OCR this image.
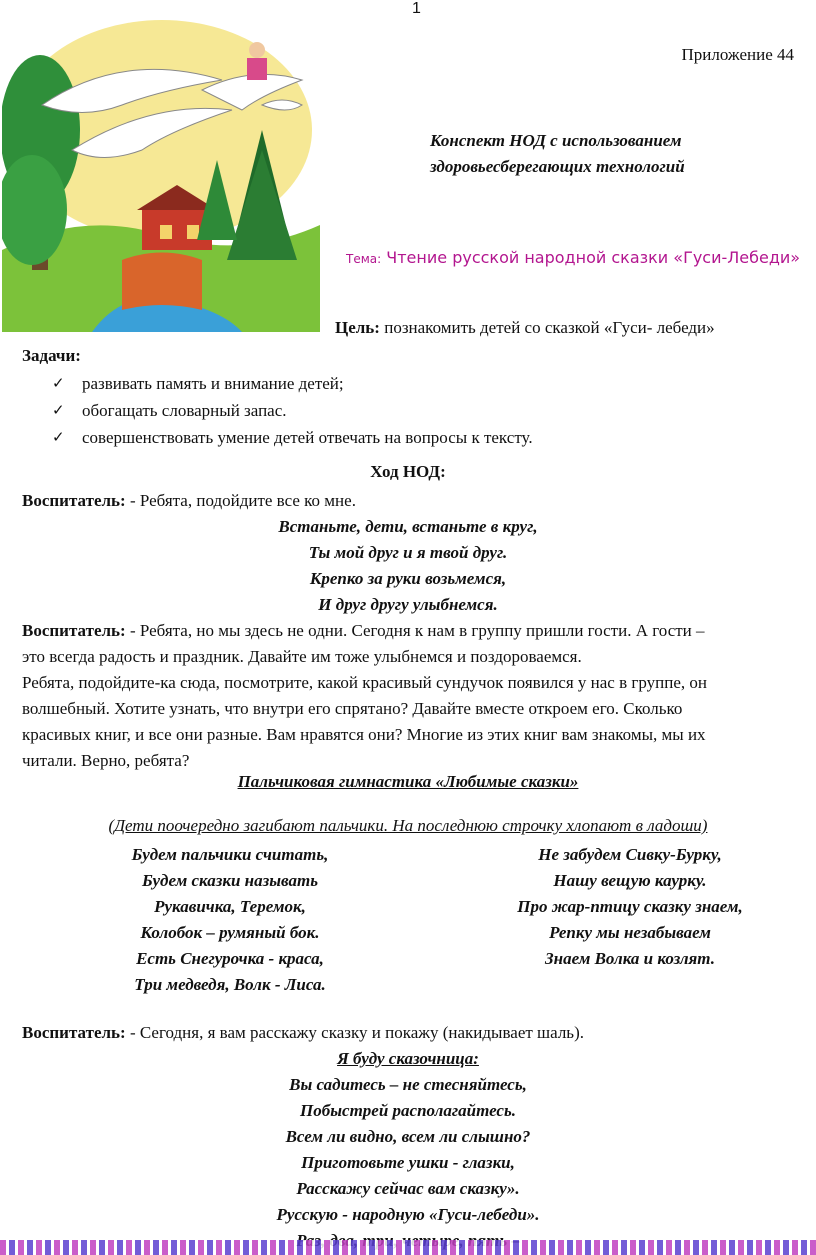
1
Приложение 44
Конспект НОД с использованием
здоровьесберегающих технологий
Тема: Чтение русской народной сказки «Гуси-Лебеди»
Цель: познакомить детей со сказкой «Гуси- лебеди»
Задачи:
✓ развивать память и внимание детей;
✓ обогащать словарный запас.
✓ совершенствовать умение детей отвечать на вопросы к тексту.
Ход НОД:
Воспитатель: - Ребята, подойдите все ко мне.
Встаньте, дети, встаньте в круг,
Ты мой друг и я твой друг.
Крепко за руки возьмемся,
И друг другу улыбнемся.
Воспитатель: - Ребята, но мы здесь не одни. Сегодня к нам в группу пришли гости. А гости –
это всегда радость и праздник. Давайте им тоже улыбнемся и поздороваемся.
Ребята, подойдите-ка сюда, посмотрите, какой красивый сундучок появился у нас в группе, он
волшебный. Хотите узнать, что внутри его спрятано? Давайте вместе откроем его. Сколько
красивых книг, и все они разные. Вам нравятся они? Многие из этих книг вам знакомы, мы их
читали. Верно, ребята?
Пальчиковая гимнастика «Любимые сказки»
(Дети поочередно загибают пальчики. На последнюю строчку хлопают в ладоши)
Будем пальчики считать,
Будем сказки называть
Рукавичка, Теремок,
Колобок – румяный бок.
Есть Снегурочка - краса,
Три медведя, Волк - Лиса.
Не забудем Сивку-Бурку,
Нашу вещую каурку.
Про жар-птицу сказку знаем,
Репку мы незабываем
Знаем Волка и козлят.
Воспитатель: - Сегодня, я вам расскажу сказку и покажу (накидывает шаль).
Я буду сказочница:
Вы садитесь – не стесняйтесь,
Побыстрей располагайтесь.
Всем ли видно, всем ли слышно?
Приготовьте ушки - глазки,
Расскажу сейчас вам сказку».
Русскую - народную «Гуси-лебеди».
